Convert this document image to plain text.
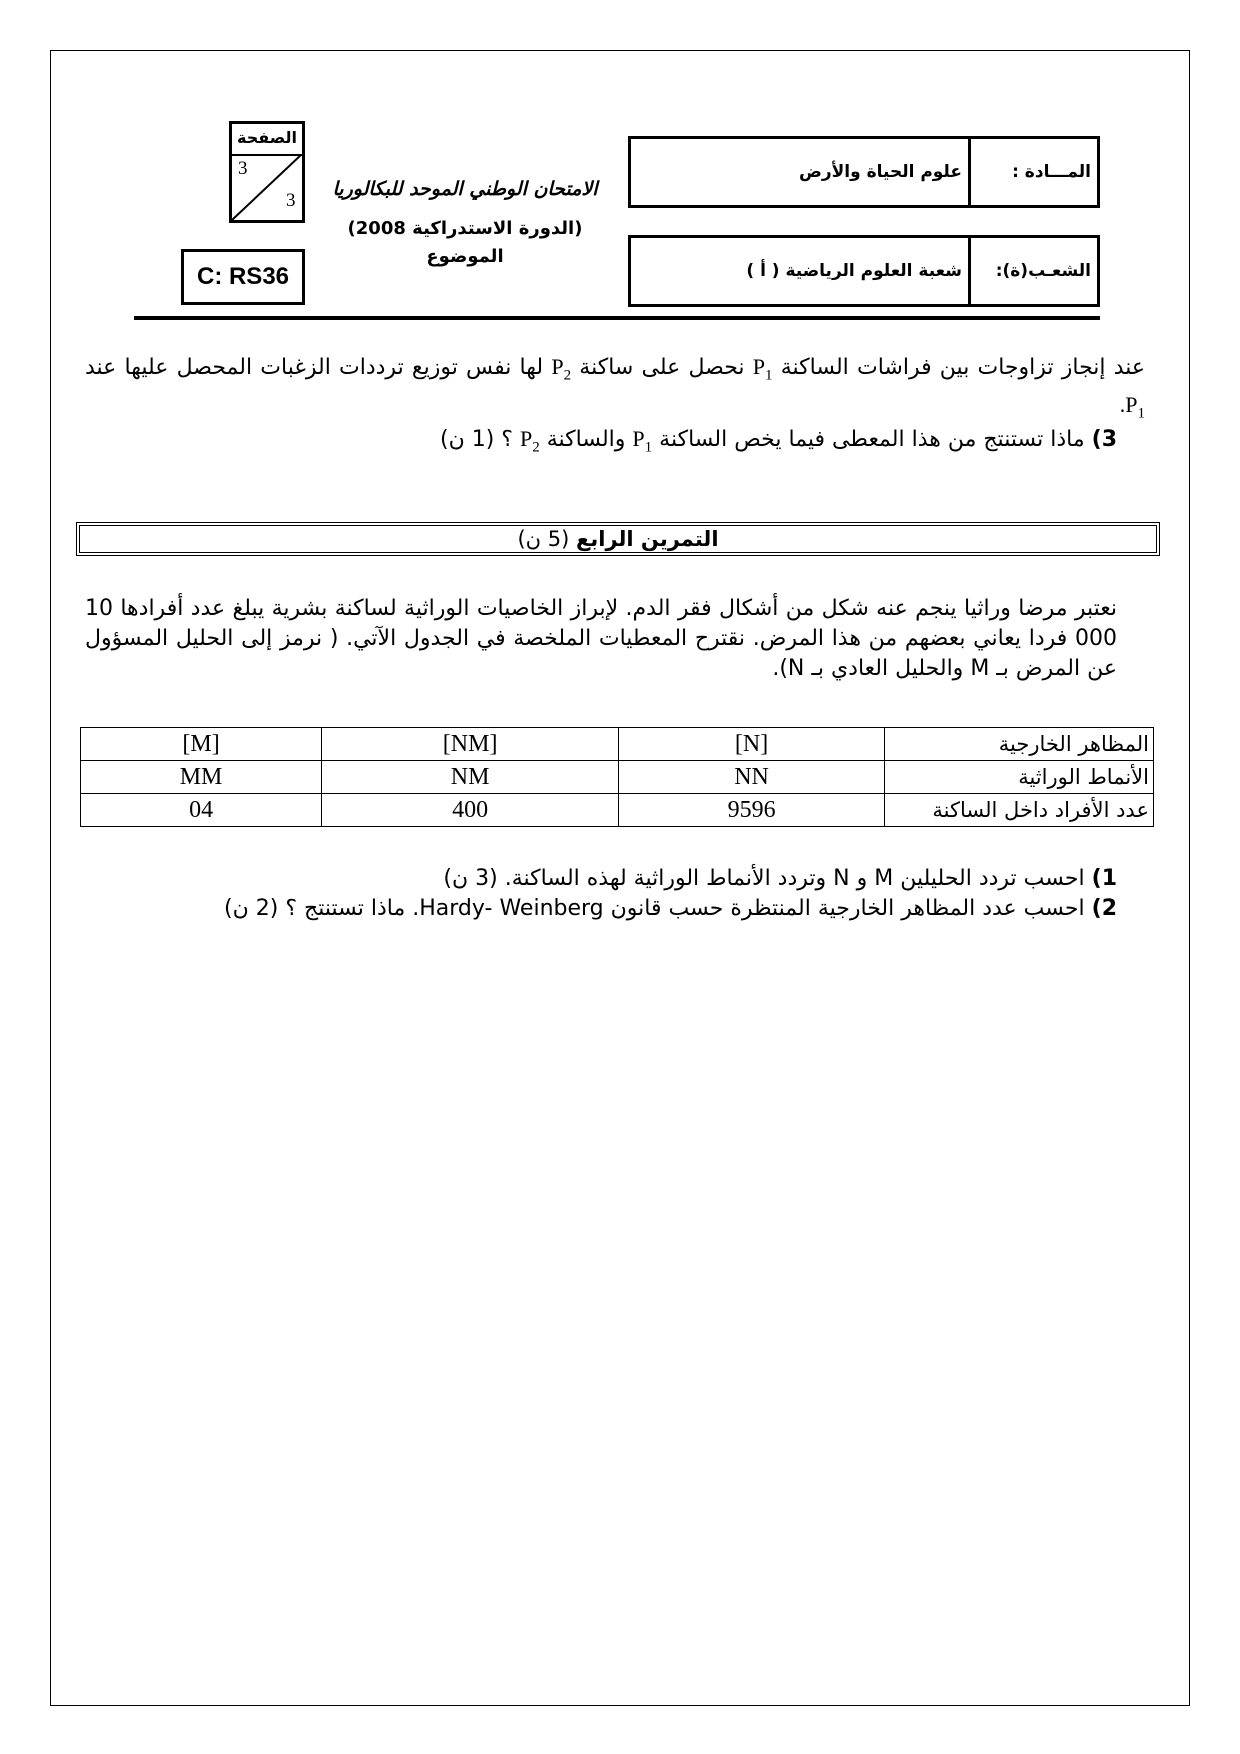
الصفحة
3
3
C: RS36
الامتحان الوطني الموحد للبكالوريا
(الدورة الاستدراكية 2008)
الموضوع
المـــادة :
علوم الحياة والأرض
الشعـب(ة):
شعبة العلوم الرياضية ( أ )
عند إنجاز تزاوجات بين فراشات الساكنة $P_1$ نحصل على ساكنة $P_2$ لها نفس توزيع ترددات الزغبات المحصل عليها عند $P_1$.
3) ماذا تستنتج من هذا المعطى فيما يخص الساكنة $P_1$ والساكنة $P_2$ ؟ (1 ن)
التمرين الرابع (5 ن)
نعتبر مرضا وراثيا ينجم عنه شكل من أشكال فقر الدم. لإبراز الخاصيات الوراثية لساكنة بشرية يبلغ عدد أفرادها 10 000 فردا يعاني بعضهم من هذا المرض. نقترح المعطيات الملخصة في الجدول الآتي. ( نرمز إلى الحليل المسؤول عن المرض بـ M والحليل العادي بـ N).
المظاهر الخارجية	[N]	[NM]	[M]
الأنماط الوراثية	NN	NM	MM
عدد الأفراد داخل الساكنة	9596	400	04
1) احسب تردد الحليلين M و N وتردد الأنماط الوراثية لهذه الساكنة. (3 ن)
2) احسب عدد المظاهر الخارجية المنتظرة حسب قانون Hardy- Weinberg. ماذا تستنتج ؟ (2 ن)
